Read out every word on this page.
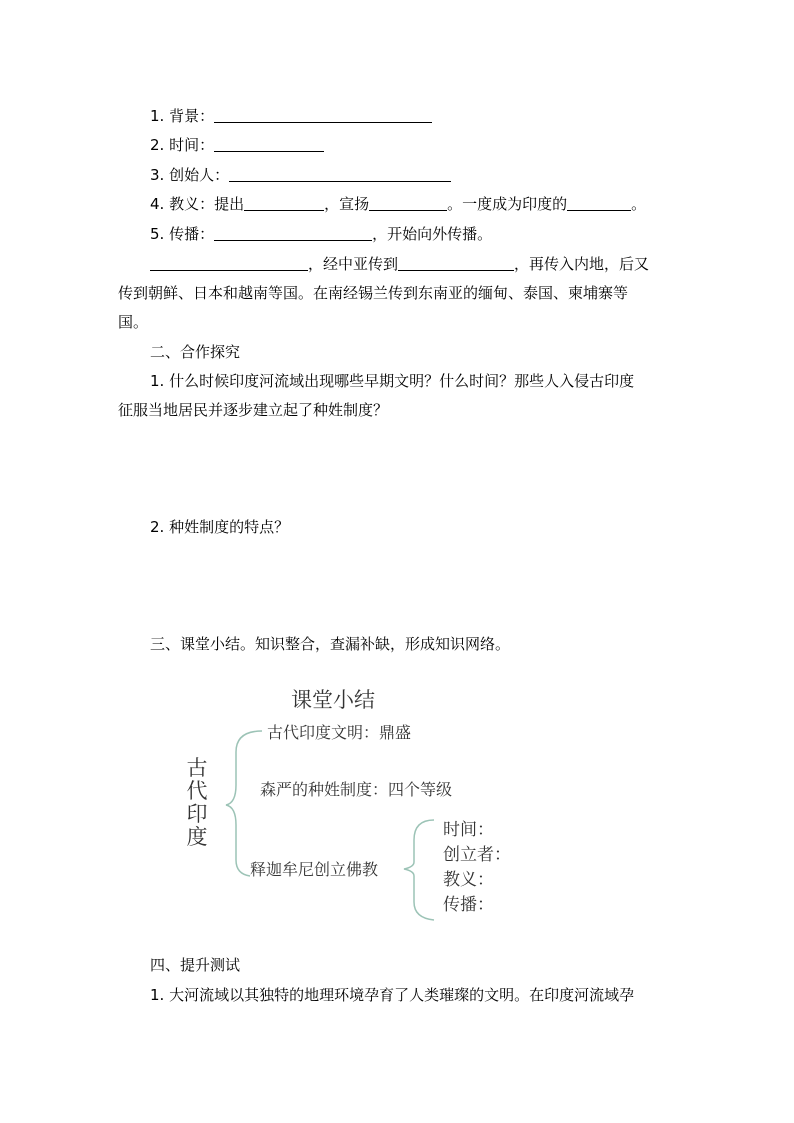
1. 背景：
2. 时间：
3. 创始人：
4. 教义：提出	，宣扬	。一度成为印度的	。
5. 传播：	，开始向外传播。
，经中亚传到	，再传入内地，后又
传到朝鲜、日本和越南等国。在南经锡兰传到东南亚的缅甸、泰国、柬埔寨等
国。
二、合作探究
1. 什么时候印度河流域出现哪些早期文明？什么时间？那些人入侵古印度
征服当地居民并逐步建立起了种姓制度？
2. 种姓制度的特点？
三、课堂小结。知识整合，查漏补缺，形成知识网络。
课堂小结
古代印度
古代印度文明：鼎盛
森严的种姓制度：四个等级
释迦牟尼创立佛教
时间：
创立者：
教义：
传播：
四、提升测试
1. 大河流域以其独特的地理环境孕育了人类璀璨的文明。在印度河流域孕
